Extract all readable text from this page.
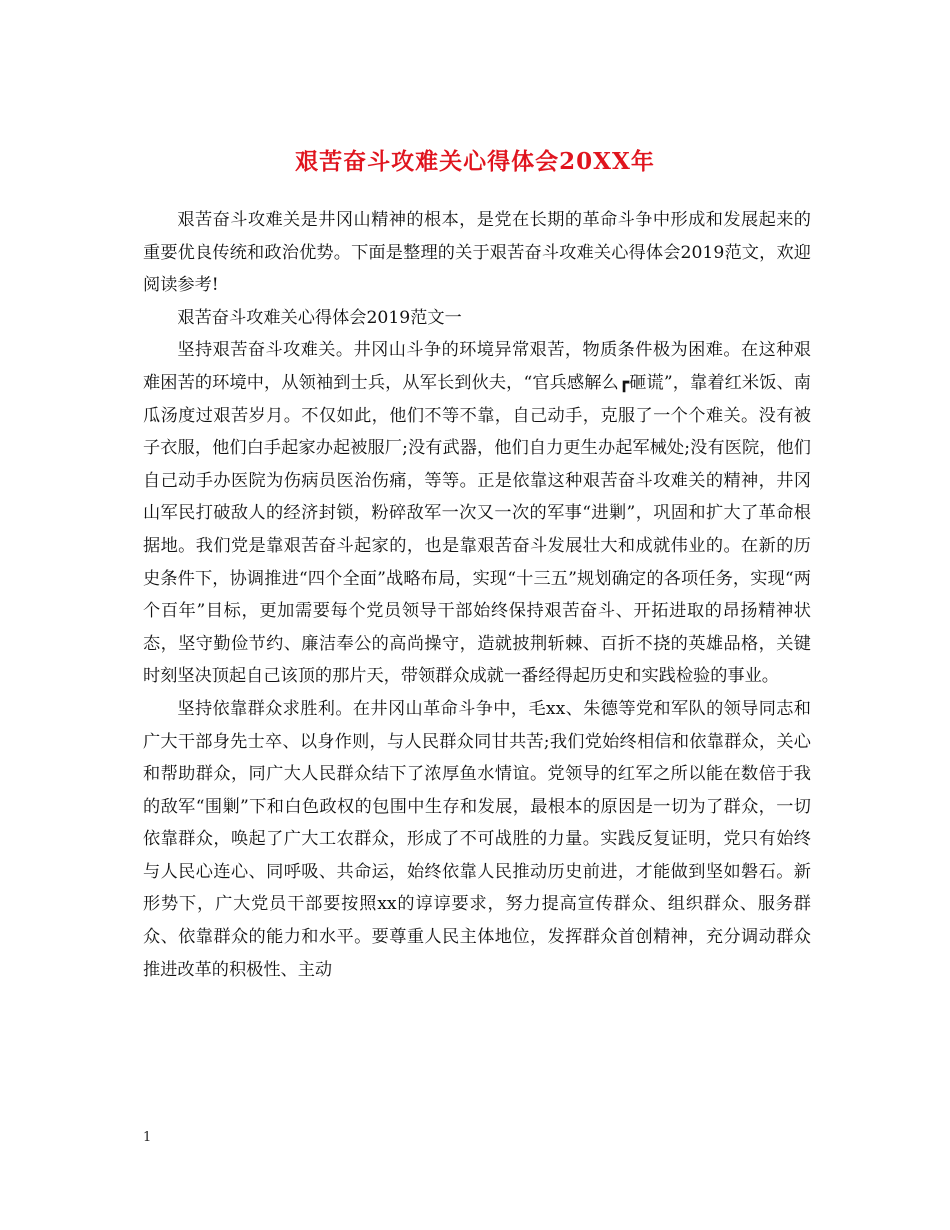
艰苦奋斗攻难关心得体会20XX年

艰苦奋斗攻难关是井冈山精神的根本，是党在长期的革命斗争中形成和发展起来的重要优良传统和政治优势。下面是整理的关于艰苦奋斗攻难关心得体会2019范文，欢迎阅读参考!

艰苦奋斗攻难关心得体会2019范文一

坚持艰苦奋斗攻难关。井冈山斗争的环境异常艰苦，物质条件极为困难。在这种艰难困苦的环境中，从领袖到士兵，从军长到伙夫，“官兵感解么┏砸谎”，靠着红米饭、南瓜汤度过艰苦岁月。不仅如此，他们不等不靠，自己动手，克服了一个个难关。没有被子衣服，他们白手起家办起被服厂;没有武器，他们自力更生办起军械处;没有医院，他们自己动手办医院为伤病员医治伤痛，等等。正是依靠这种艰苦奋斗攻难关的精神，井冈山军民打破敌人的经济封锁，粉碎敌军一次又一次的军事“进剿”，巩固和扩大了革命根据地。我们党是靠艰苦奋斗起家的，也是靠艰苦奋斗发展壮大和成就伟业的。在新的历史条件下，协调推进“四个全面”战略布局，实现“十三五”规划确定的各项任务，实现“两个百年”目标，更加需要每个党员领导干部始终保持艰苦奋斗、开拓进取的昂扬精神状态，坚守勤俭节约、廉洁奉公的高尚操守，造就披荆斩棘、百折不挠的英雄品格，关键时刻坚决顶起自己该顶的那片天，带领群众成就一番经得起历史和实践检验的事业。

坚持依靠群众求胜利。在井冈山革命斗争中，毛xx、朱德等党和军队的领导同志和广大干部身先士卒、以身作则，与人民群众同甘共苦;我们党始终相信和依靠群众，关心和帮助群众，同广大人民群众结下了浓厚鱼水情谊。党领导的红军之所以能在数倍于我的敌军“围剿”下和白色政权的包围中生存和发展，最根本的原因是一切为了群众，一切依靠群众，唤起了广大工农群众，形成了不可战胜的力量。实践反复证明，党只有始终与人民心连心、同呼吸、共命运，始终依靠人民推动历史前进，才能做到坚如磐石。新形势下，广大党员干部要按照xx的谆谆要求，努力提高宣传群众、组织群众、服务群众、依靠群众的能力和水平。要尊重人民主体地位，发挥群众首创精神，充分调动群众推进改革的积极性、主动

1
